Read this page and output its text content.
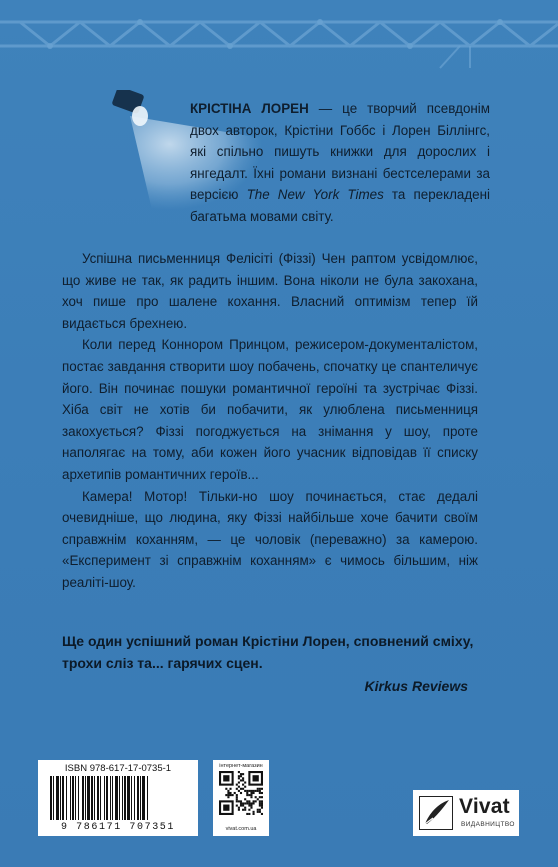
КРІСТІНА ЛОРЕН — це творчий псевдонім двох авторок, Крістіни Гоббс і Лорен Біллінгс, які спільно пишуть книжки для дорослих і янгедалт. Їхні романи визнані бестселерами за версією The New York Times та перекладені багатьма мовами світу.

Успішна письменниця Фелісіті (Фіззі) Чен раптом усвідомлює, що живе не так, як радить іншим. Вона ніколи не була закохана, хоч пише про шалене кохання. Власний оптимізм тепер їй видається брехнею.

Коли перед Коннором Принцом, режисером-документалістом, постає завдання створити шоу побачень, спочатку це спантеличує його. Він починає пошуки романтичної героїні та зустрічає Фіззі. Хіба світ не хотів би побачити, як улюблена письменниця закохується? Фіззі погоджується на знімання у шоу, проте наполягає на тому, аби кожен його учасник відповідав її списку архетипів романтичних героїв...

Камера! Мотор! Тільки-но шоу починається, стає дедалі очевидніше, що людина, яку Фіззі найбільше хоче бачити своїм справжнім коханням, — це чоловік (переважно) за камерою. «Експеримент зі справжнім коханням» є чимось більшим, ніж реаліті-шоу.

Ще один успішний роман Крістіни Лорен, сповнений сміху, трохи сліз та... гарячих сцен.
Kirkus Reviews
ISBN 978-617-17-0735-1
9 786171 707351
інтернет-магазин
vivat.com.ua
Vivat
ВИДАВНИЦТВО
